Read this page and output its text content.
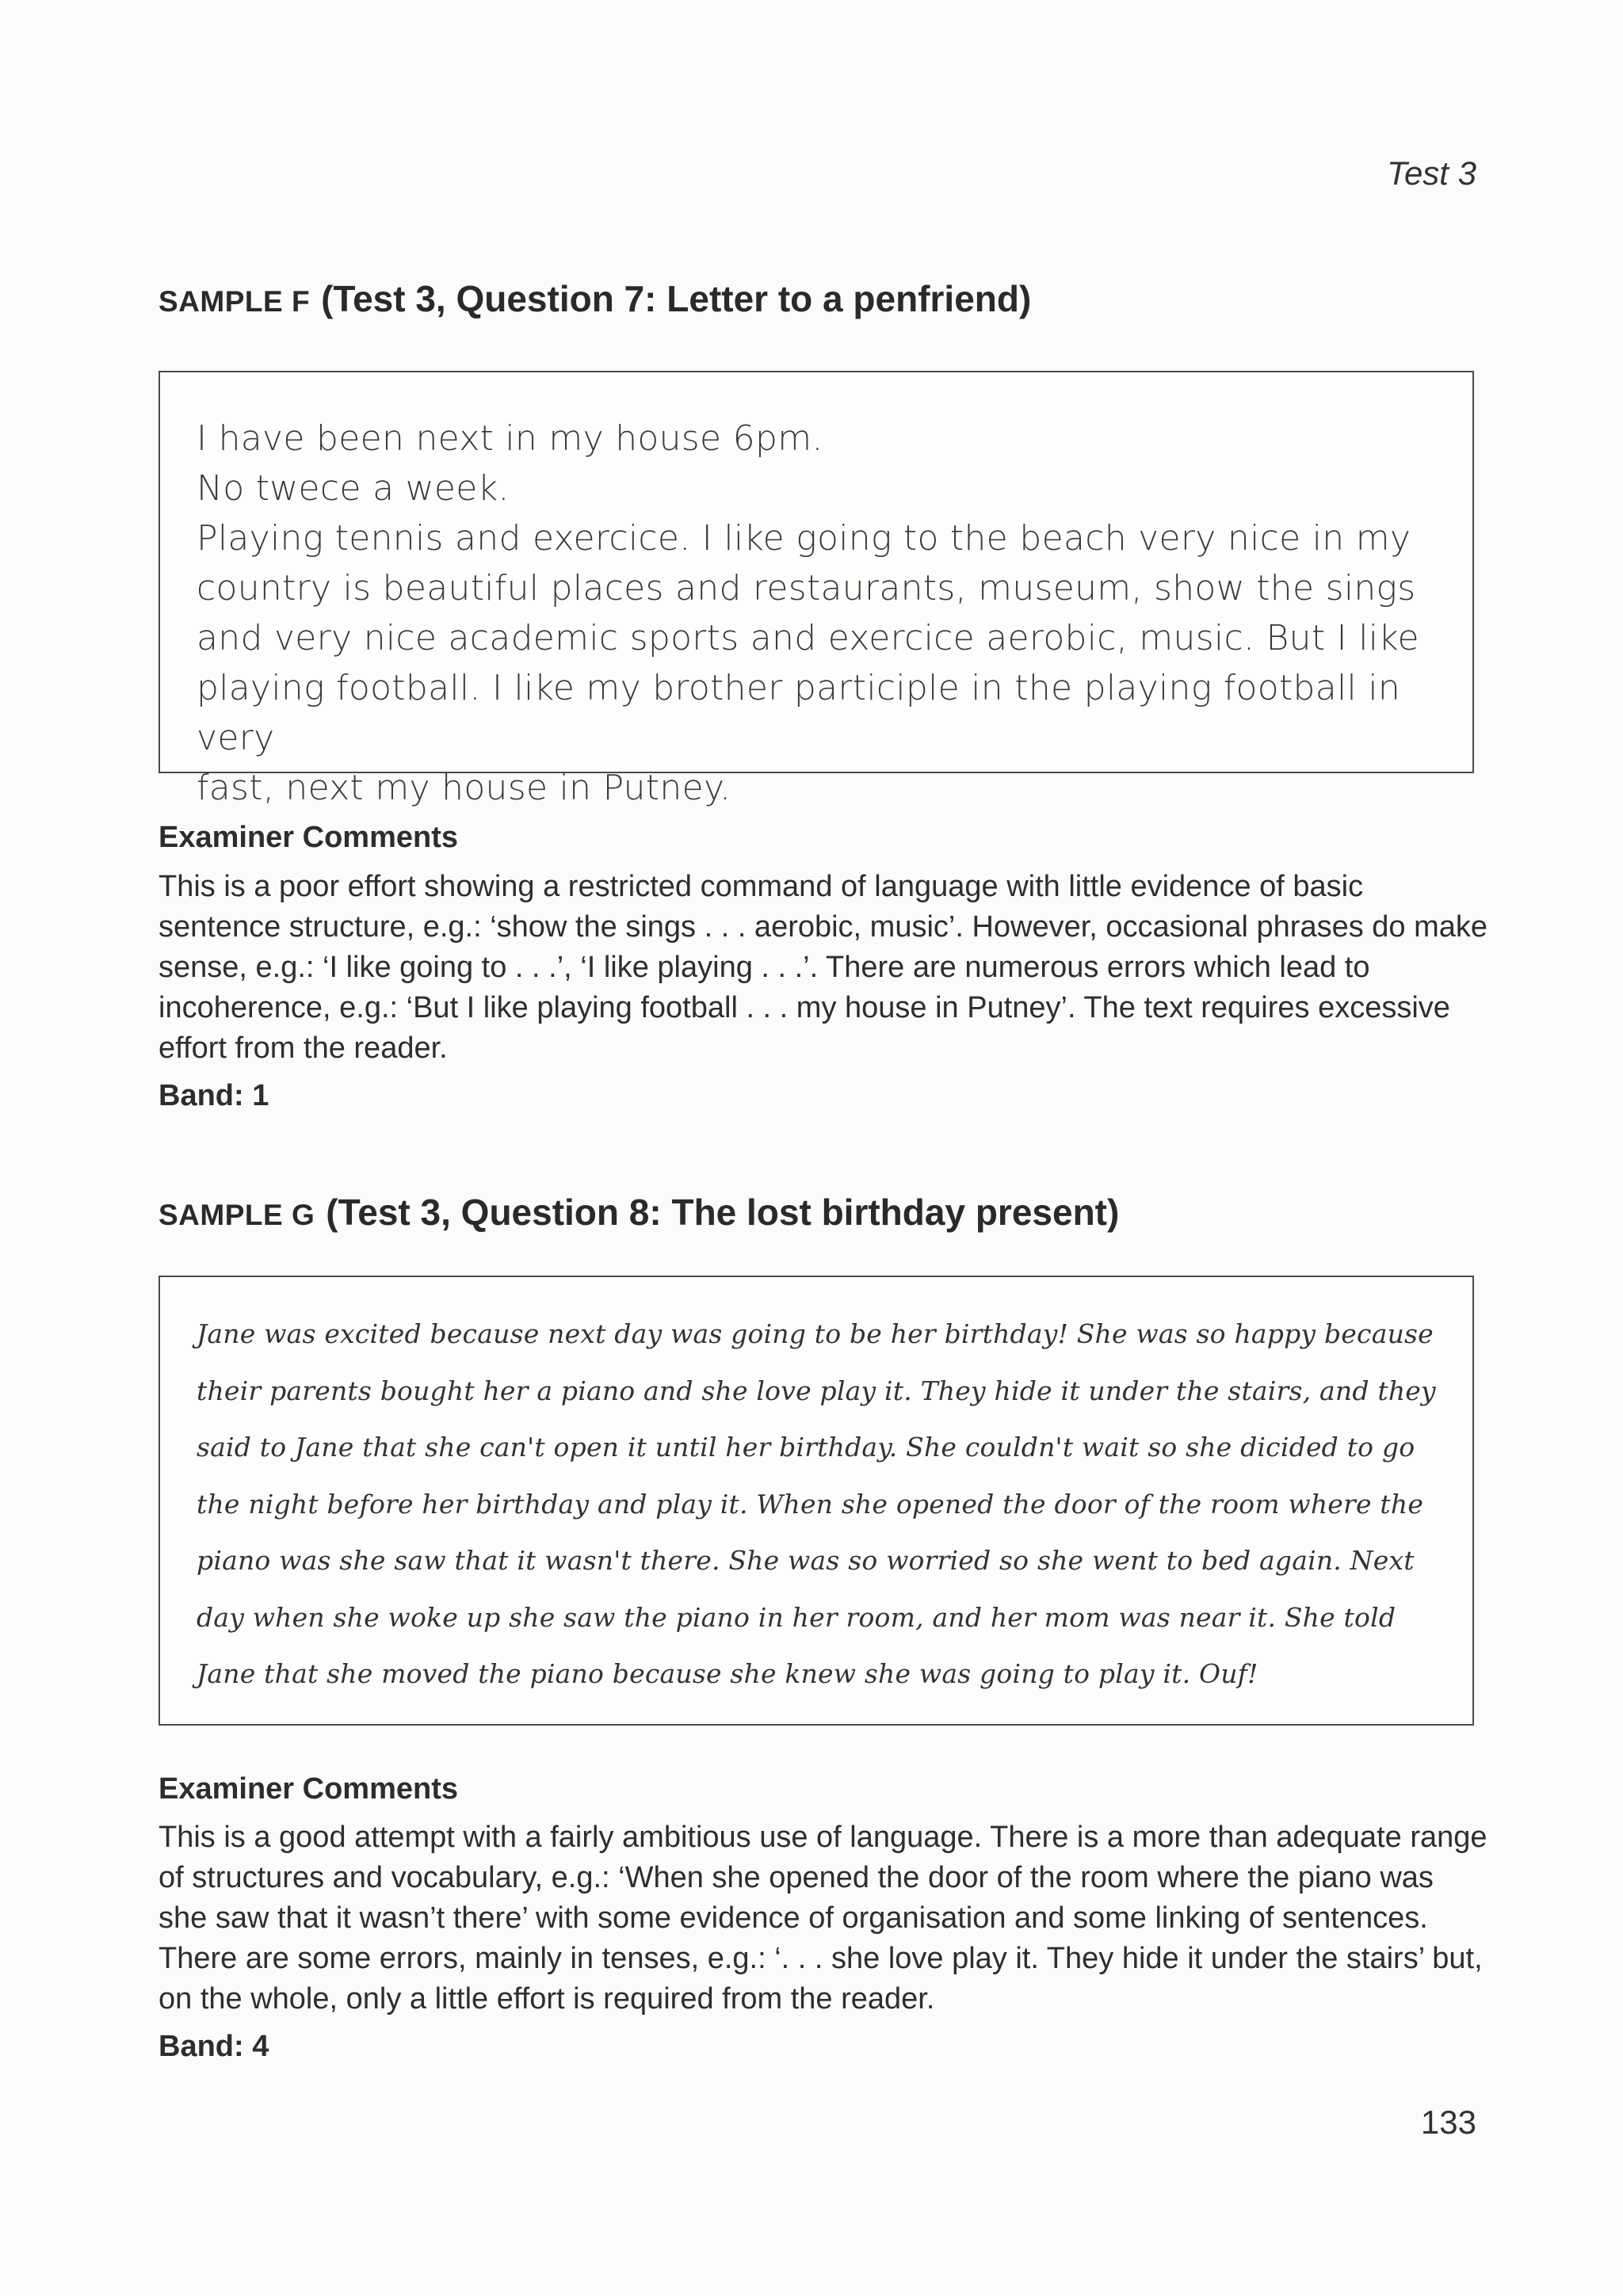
Test 3
SAMPLE F (Test 3, Question 7: Letter to a penfriend)

I have been next in my house 6pm.

No twece a week.

Playing tennis and exercice. I like going to the beach very nice in my

country is beautiful places and restaurants, museum, show the sings

and very nice academic sports and exercice aerobic, music. But I like

playing football. I like my brother participle in the playing football in very

fast, next my house in Putney.

Examiner Comments

This is a poor effort showing a restricted command of language with little evidence of basic sentence structure, e.g.: ‘show the sings . . . aerobic, music’. However, occasional phrases do make sense, e.g.: ‘I like going to . . .’, ‘I like playing . . .’. There are numerous errors which lead to incoherence, e.g.: ‘But I like playing football . . . my house in Putney’. The text requires excessive effort from the reader.

Band: 1
SAMPLE G (Test 3, Question 8: The lost birthday present)

Jane was excited because next day was going to be her birthday! She was so happy because

their parents bought her a piano and she love play it. They hide it under the stairs, and they

said to Jane that she can't open it until her birthday. She couldn't wait so she dicided to go

the night before her birthday and play it. When she opened the door of the room where the

piano was she saw that it wasn't there. She was so worried so she went to bed again. Next

day when she woke up she saw the piano in her room, and her mom was near it. She told

Jane that she moved the piano because she knew she was going to play it. Ouf!

Examiner Comments

This is a good attempt with a fairly ambitious use of language. There is a more than adequate range of structures and vocabulary, e.g.: ‘When she opened the door of the room where the piano was she saw that it wasn’t there’ with some evidence of organisation and some linking of sentences. There are some errors, mainly in tenses, e.g.: ‘. . . she love play it. They hide it under the stairs’ but, on the whole, only a little effort is required from the reader.

Band: 4
133
